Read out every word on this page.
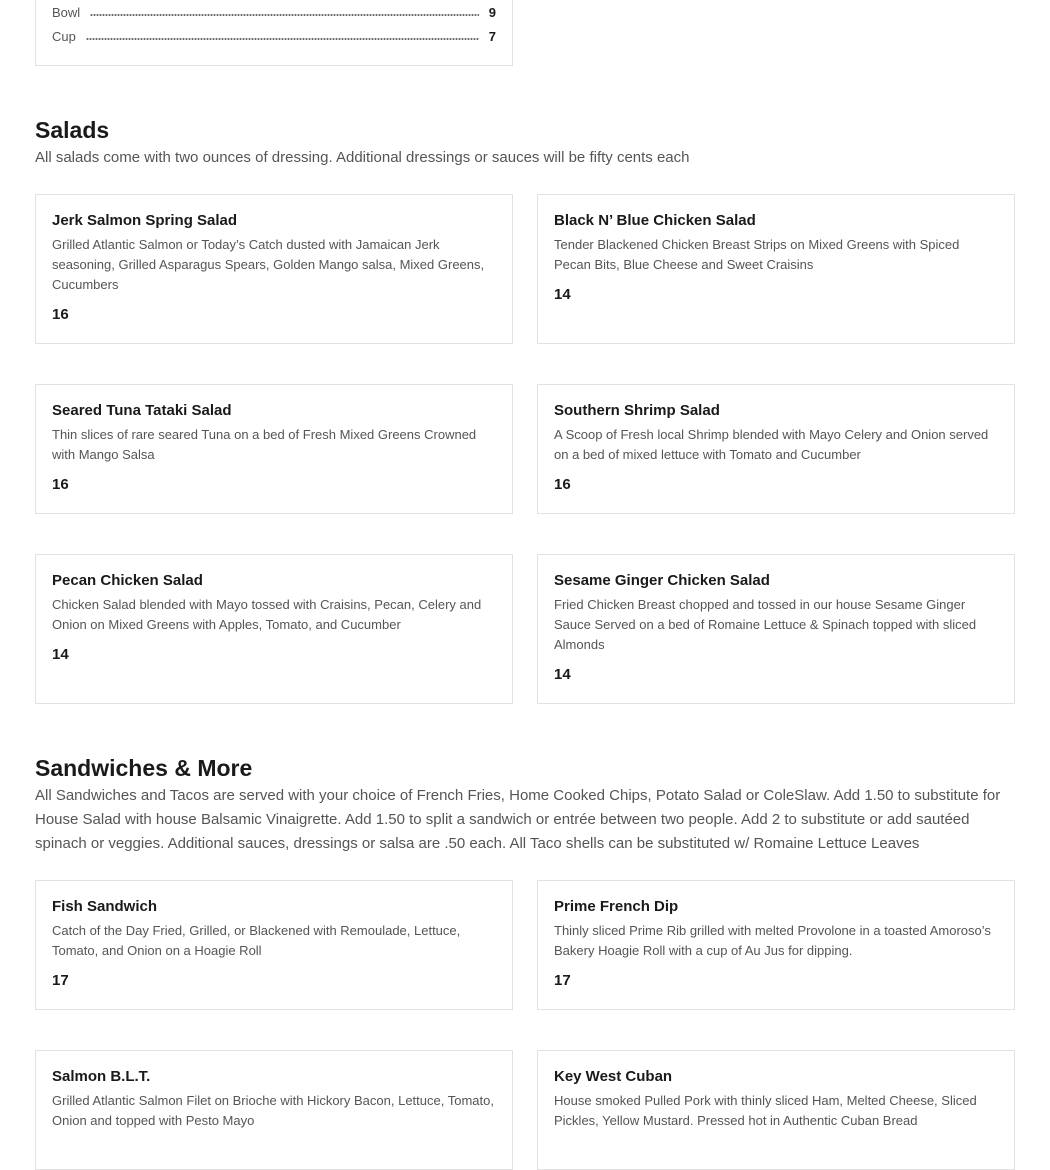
Bowl	9
Cup	7
Salads
All salads come with two ounces of dressing. Additional dressings or sauces will be fifty cents each
Jerk Salmon Spring Salad
Grilled Atlantic Salmon or Today’s Catch dusted with Jamaican Jerk seasoning, Grilled Asparagus Spears, Golden Mango salsa, Mixed Greens, Cucumbers
16
Black N’ Blue Chicken Salad
Tender Blackened Chicken Breast Strips on Mixed Greens with Spiced Pecan Bits, Blue Cheese and Sweet Craisins
14
Seared Tuna Tataki Salad
Thin slices of rare seared Tuna on a bed of Fresh Mixed Greens Crowned with Mango Salsa
16
Southern Shrimp Salad
A Scoop of Fresh local Shrimp blended with Mayo Celery and Onion served on a bed of mixed lettuce with Tomato and Cucumber
16
Pecan Chicken Salad
Chicken Salad blended with Mayo tossed with Craisins, Pecan, Celery and Onion on Mixed Greens with Apples, Tomato, and Cucumber
14
Sesame Ginger Chicken Salad
Fried Chicken Breast chopped and tossed in our house Sesame Ginger Sauce Served on a bed of Romaine Lettuce & Spinach topped with sliced Almonds
14
Sandwiches & More
All Sandwiches and Tacos are served with your choice of French Fries, Home Cooked Chips, Potato Salad or ColeSlaw. Add 1.50 to substitute for House Salad with house Balsamic Vinaigrette. Add 1.50 to split a sandwich or entrée between two people. Add 2 to substitute or add sautéed spinach or veggies. Additional sauces, dressings or salsa are .50 each. All Taco shells can be substituted w/ Romaine Lettuce Leaves
Fish Sandwich
Catch of the Day Fried, Grilled, or Blackened with Remoulade, Lettuce, Tomato, and Onion on a Hoagie Roll
17
Prime French Dip
Thinly sliced Prime Rib grilled with melted Provolone in a toasted Amoroso’s Bakery Hoagie Roll with a cup of Au Jus for dipping.
17
Salmon B.L.T.
Grilled Atlantic Salmon Filet on Brioche with Hickory Bacon, Lettuce, Tomato, Onion and topped with Pesto Mayo
Key West Cuban
House smoked Pulled Pork with thinly sliced Ham, Melted Cheese, Sliced Pickles, Yellow Mustard. Pressed hot in Authentic Cuban Bread
